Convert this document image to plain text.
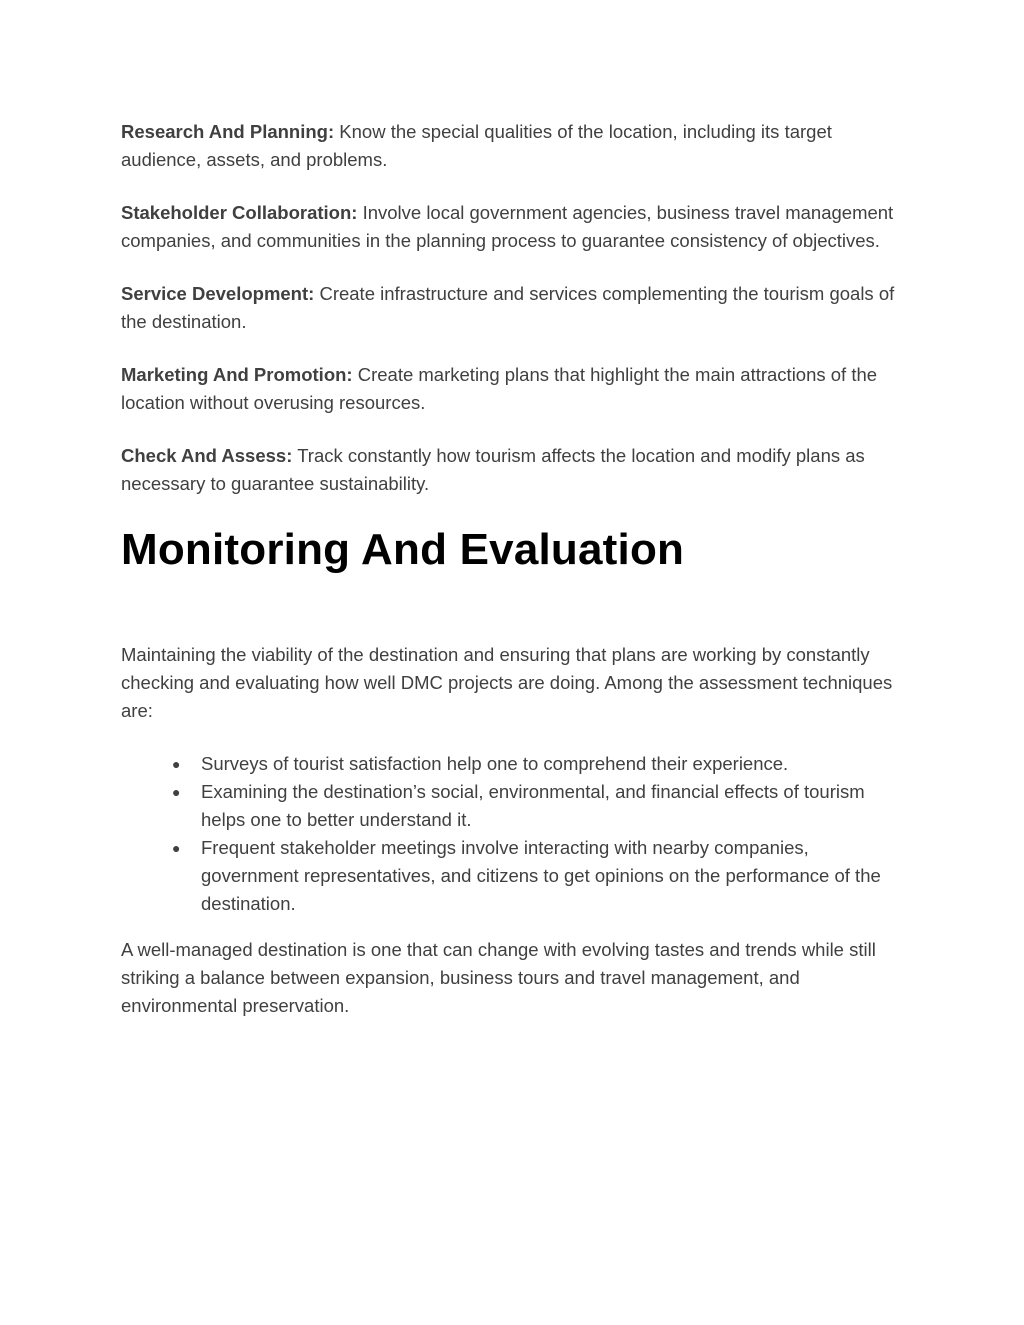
Research And Planning: Know the special qualities of the location, including its target audience, assets, and problems.

Stakeholder Collaboration: Involve local government agencies, business travel management companies, and communities in the planning process to guarantee consistency of objectives.

Service Development: Create infrastructure and services complementing the tourism goals of the destination.

Marketing And Promotion: Create marketing plans that highlight the main attractions of the location without overusing resources.

Check And Assess: Track constantly how tourism affects the location and modify plans as necessary to guarantee sustainability.

Monitoring And Evaluation

Maintaining the viability of the destination and ensuring that plans are working by constantly checking and evaluating how well DMC projects are doing. Among the assessment techniques are:

● Surveys of tourist satisfaction help one to comprehend their experience.
● Examining the destination’s social, environmental, and financial effects of tourism helps one to better understand it.
● Frequent stakeholder meetings involve interacting with nearby companies, government representatives, and citizens to get opinions on the performance of the destination.

A well-managed destination is one that can change with evolving tastes and trends while still striking a balance between expansion, business tours and travel management, and environmental preservation.
